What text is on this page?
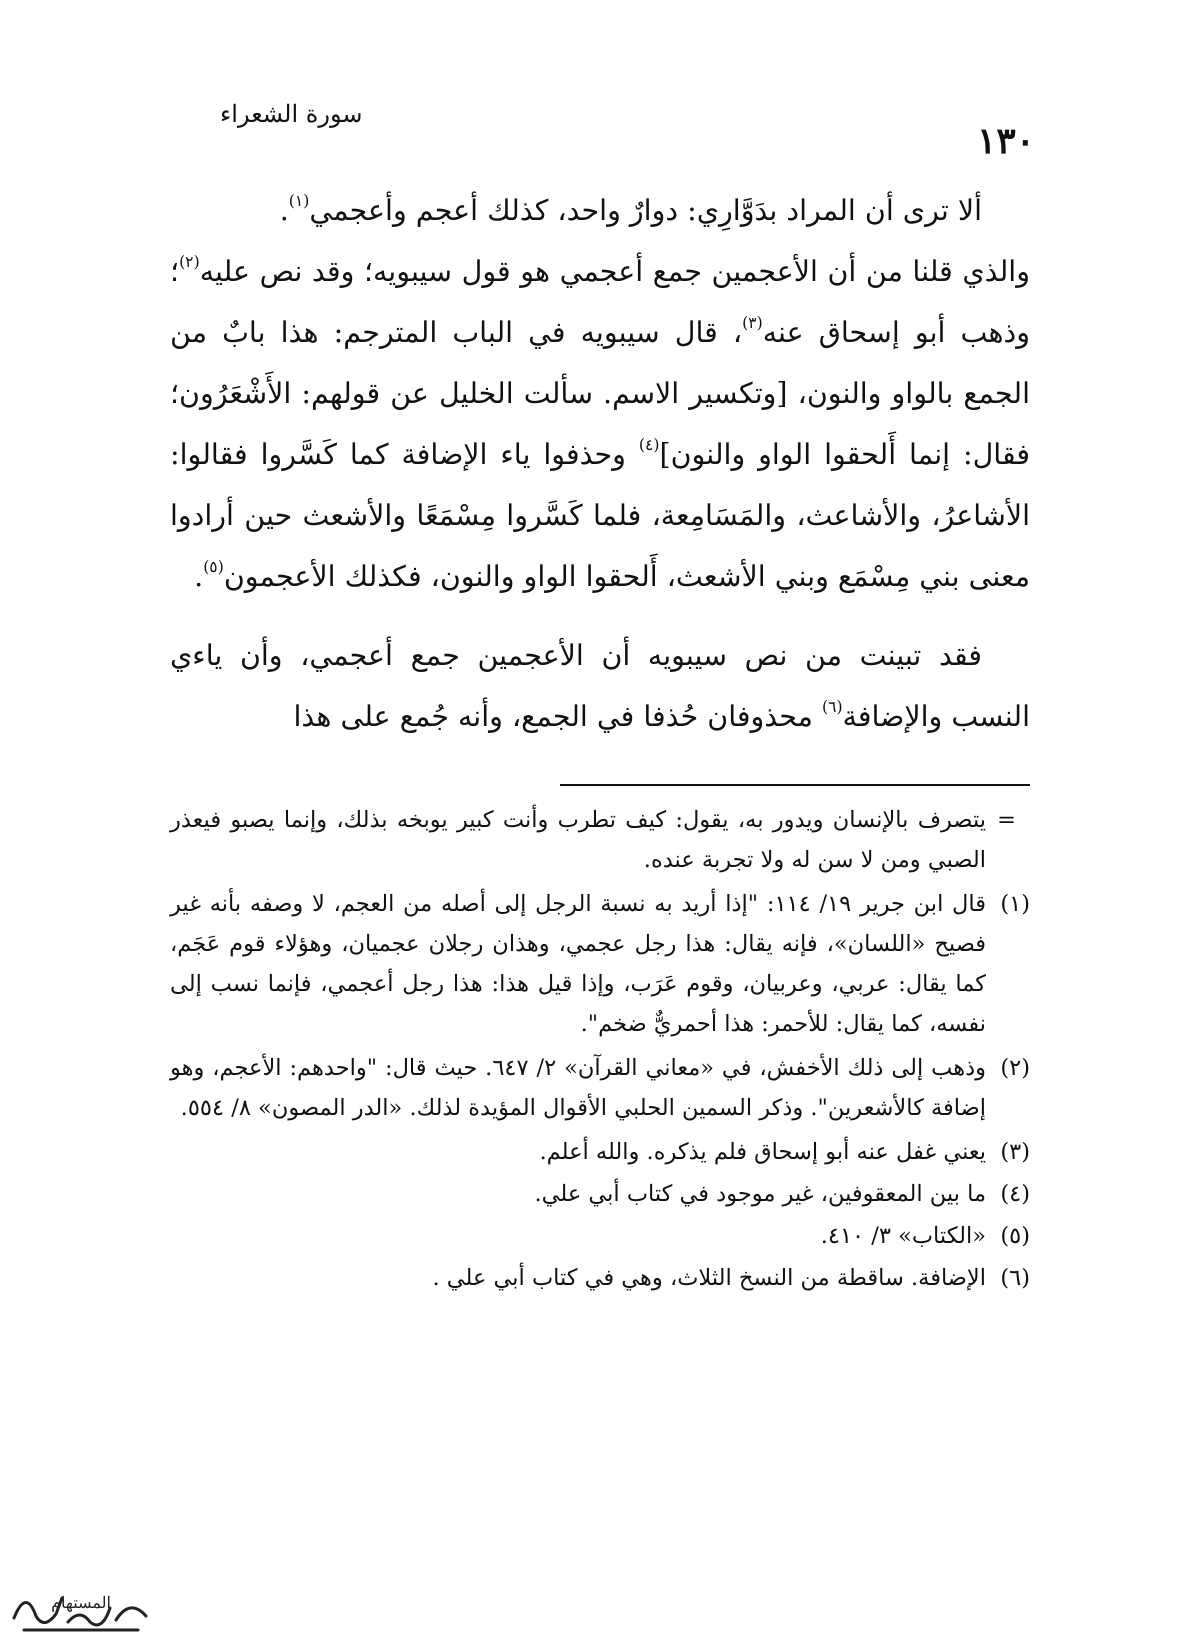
١٣٠
سورة الشعراء

ألا ترى أن المراد بدَوَّارِي: دوارٌ واحد، كذلك أعجم وأعجمي$^{(١)}$.

والذي قلنا من أن الأعجمين جمع أعجمي هو قول سيبويه؛ وقد نص عليه$^{(٢)}$؛ وذهب أبو إسحاق عنه$^{(٣)}$، قال سيبويه في الباب المترجم: هذا بابٌ من الجمع بالواو والنون، [وتكسير الاسم. سألت الخليل عن قولهم: الأَشْعَرُون؛ فقال: إنما أَلحقوا الواو والنون]$^{(٤)}$ وحذفوا ياء الإضافة كما كَسَّروا فقالوا: الأشاعرُ، والأشاعث، والمَسَامِعة، فلما كَسَّروا مِسْمَعًا والأشعث حين أرادوا معنى بني مِسْمَع وبني الأشعث، أَلحقوا الواو والنون، فكذلك الأعجمون$^{(٥)}$.

فقد تبينت من نص سيبويه أن الأعجمين جمع أعجمي، وأن ياءي النسب والإضافة$^{(٦)}$ محذوفان حُذفا في الجمع، وأنه جُمع على هذا

=
يتصرف بالإنسان ويدور به، يقول: كيف تطرب وأنت كبير يوبخه بذلك، وإنما يصبو فيعذر الصبي ومن لا سن له ولا تجربة عنده.
(١)
قال ابن جرير ١٩/ ١١٤: "إذا أريد به نسبة الرجل إلى أصله من العجم، لا وصفه بأنه غير فصيح «اللسان»، فإنه يقال: هذا رجل عجمي، وهذان رجلان عجميان، وهؤلاء قوم عَجَم، كما يقال: عربي، وعربيان، وقوم عَرَب، وإذا قيل هذا: هذا رجل أعجمي، فإنما نسب إلى نفسه، كما يقال: للأحمر: هذا أحمريٌّ ضخم".
(٢)
وذهب إلى ذلك الأخفش، في «معاني القرآن» ٢/ ٦٤٧. حيث قال: "واحدهم: الأعجم، وهو إضافة كالأشعرين". وذكر السمين الحلبي الأقوال المؤيدة لذلك. «الدر المصون» ٨/ ٥٥٤.
(٣)
يعني غفل عنه أبو إسحاق فلم يذكره. والله أعلم.
(٤)
ما بين المعقوفين، غير موجود في كتاب أبي علي.
(٥)
«الكتاب» ٣/ ٤١٠.
(٦)
الإضافة. ساقطة من النسخ الثلاث، وهي في كتاب أبي علي .
المستهام
